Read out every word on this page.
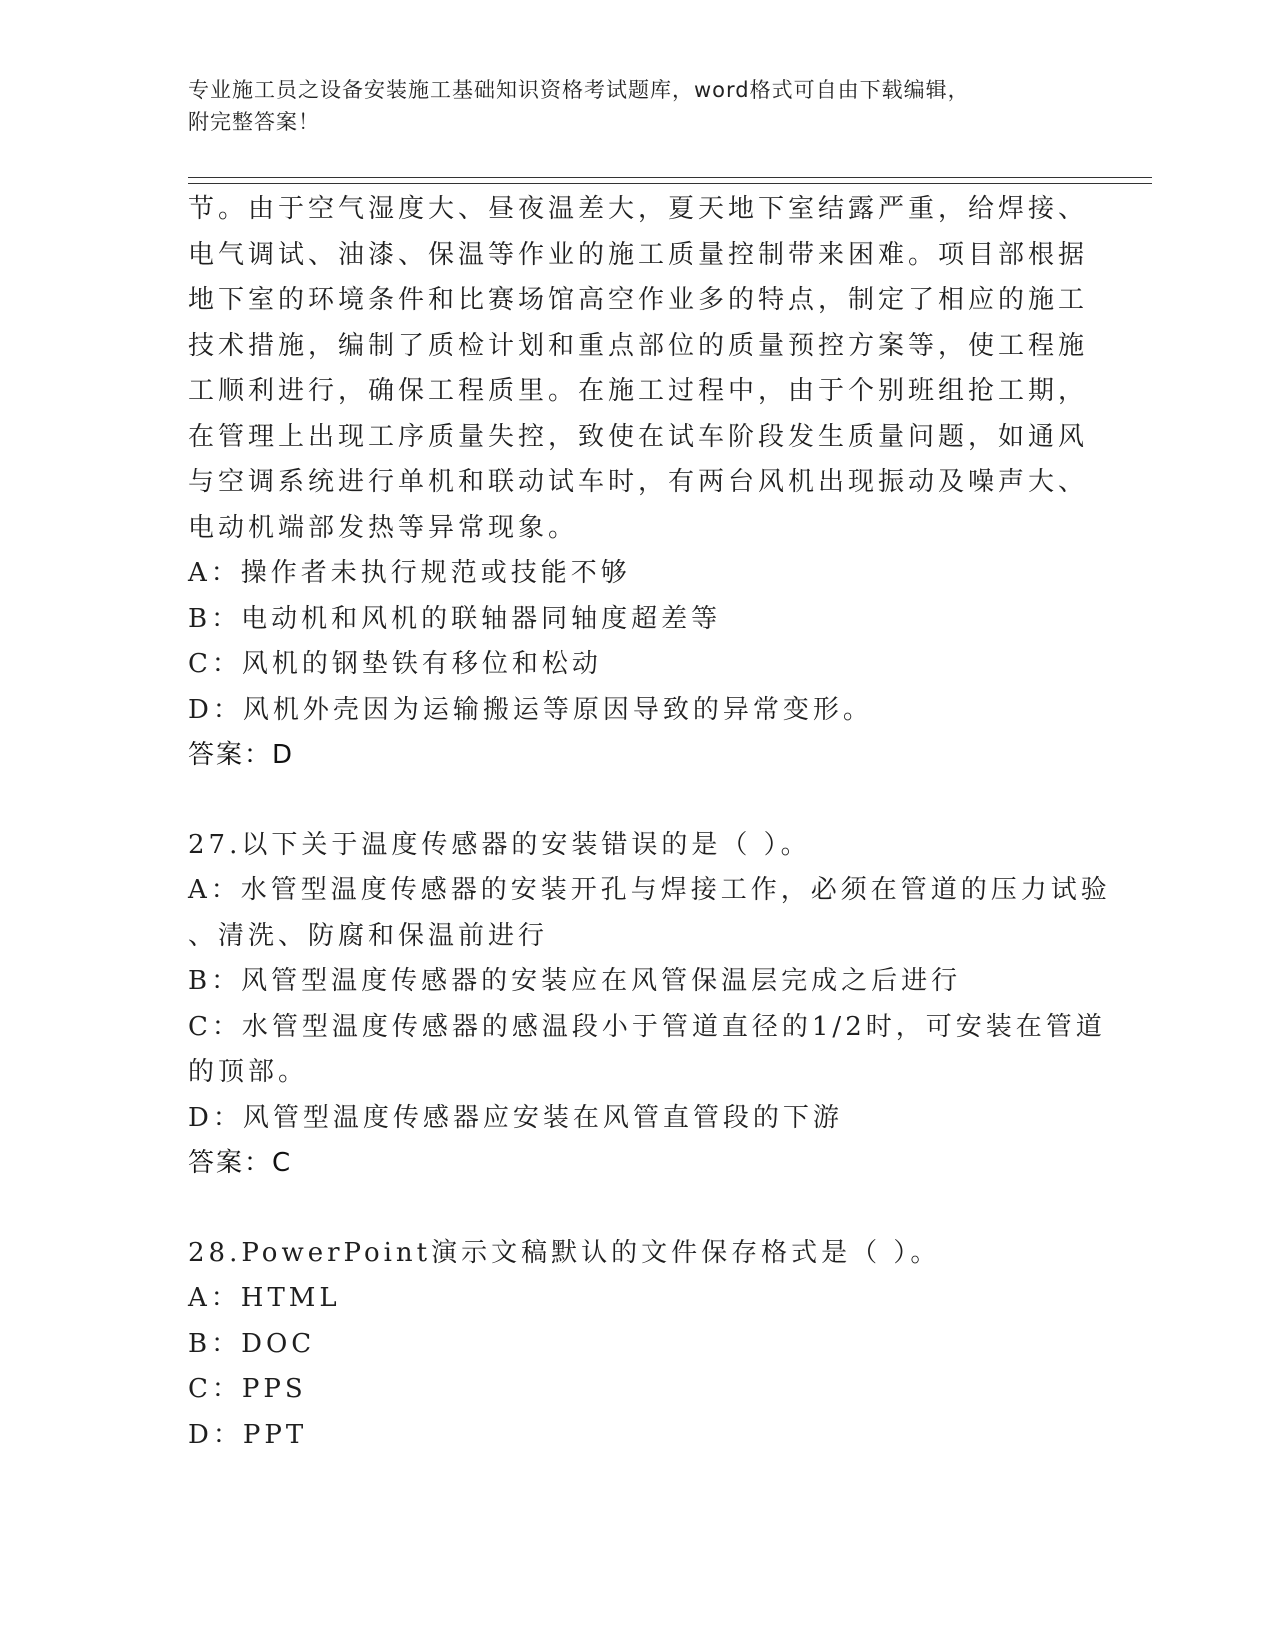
专业施工员之设备安装施工基础知识资格考试题库，word格式可自由下载编辑，
附完整答案！
节。由于空气湿度大、昼夜温差大，夏天地下室结露严重，给焊接、
电气调试、油漆、保温等作业的施工质量控制带来困难。项目部根据
地下室的环境条件和比赛场馆高空作业多的特点，制定了相应的施工
技术措施，编制了质检计划和重点部位的质量预控方案等，使工程施
工顺利进行，确保工程质里。在施工过程中，由于个别班组抢工期，
在管理上出现工序质量失控，致使在试车阶段发生质量问题，如通风
与空调系统进行单机和联动试车时，有两台风机出现振动及噪声大、
电动机端部发热等异常现象。
A：操作者未执行规范或技能不够
B：电动机和风机的联轴器同轴度超差等
C：风机的钢垫铁有移位和松动
D：风机外壳因为运输搬运等原因导致的异常变形。
答案：D
27.以下关于温度传感器的安装错误的是（ ）。
A：水管型温度传感器的安装开孔与焊接工作，必须在管道的压力试验
、清洗、防腐和保温前进行
B：风管型温度传感器的安装应在风管保温层完成之后进行
C：水管型温度传感器的感温段小于管道直径的1/2时，可安装在管道
的顶部。
D：风管型温度传感器应安装在风管直管段的下游
答案：C
28.PowerPoint演示文稿默认的文件保存格式是（ ）。
A：HTML
B：DOC
C：PPS
D：PPT
